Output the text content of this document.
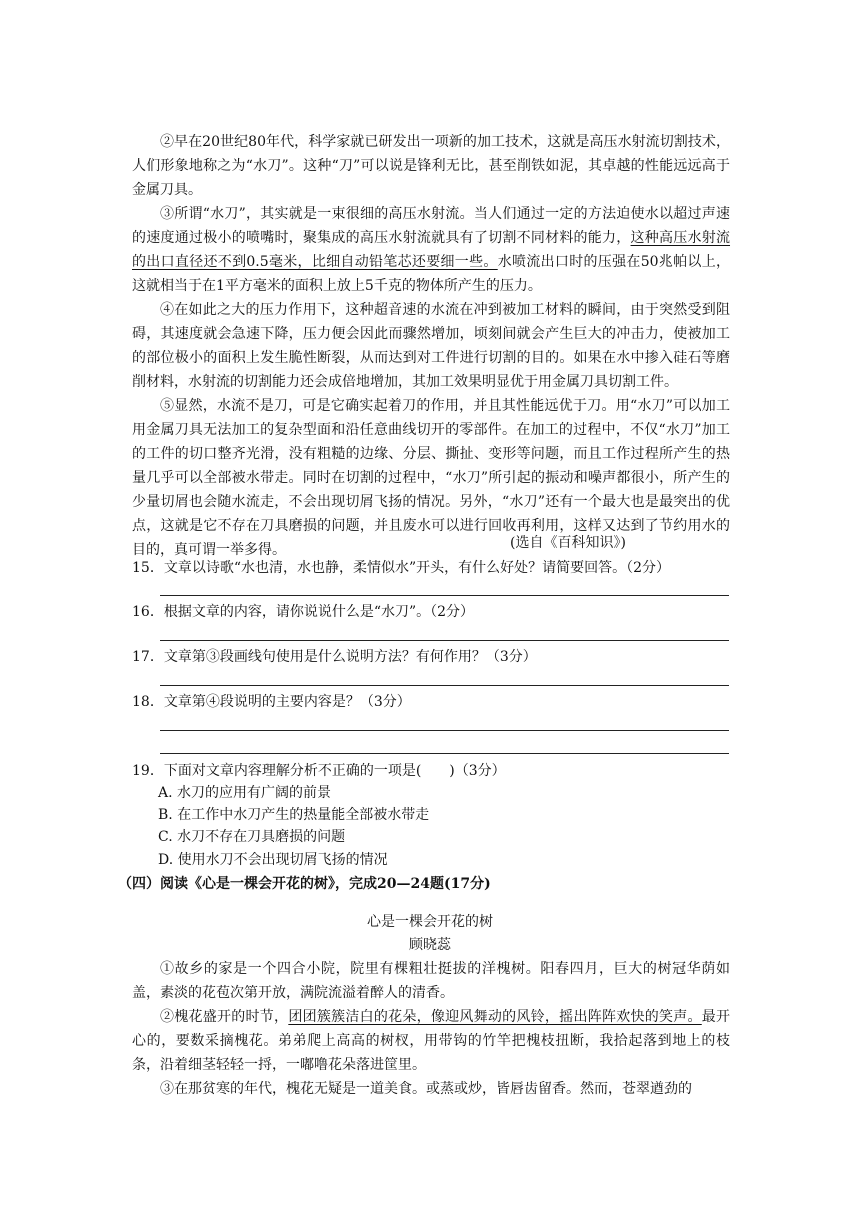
②早在20世纪80年代，科学家就已研发出一项新的加工技术，这就是高压水射流切割技术，人们形象地称之为“水刀”。这种“刀”可以说是锋利无比，甚至削铁如泥，其卓越的性能远远高于金属刀具。

③所谓“水刀”，其实就是一束很细的高压水射流。当人们通过一定的方法迫使水以超过声速的速度通过极小的喷嘴时，聚集成的高压水射流就具有了切割不同材料的能力，这种高压水射流的出口直径还不到0.5毫米，比细自动铅笔芯还要细一些。水喷流出口时的压强在50兆帕以上，这就相当于在1平方毫米的面积上放上5千克的物体所产生的压力。

④在如此之大的压力作用下，这种超音速的水流在冲到被加工材料的瞬间，由于突然受到阻碍，其速度就会急速下降，压力便会因此而骤然增加，顷刻间就会产生巨大的冲击力，使被加工的部位极小的面积上发生脆性断裂，从而达到对工件进行切割的目的。如果在水中掺入硅石等磨削材料，水射流的切割能力还会成倍地增加，其加工效果明显优于用金属刀具切割工件。

⑤显然，水流不是刀，可是它确实起着刀的作用，并且其性能远优于刀。用“水刀”可以加工用金属刀具无法加工的复杂型面和沿任意曲线切开的零部件。在加工的过程中，不仅“水刀”加工的工件的切口整齐光滑，没有粗糙的边缘、分层、撕扯、变形等问题，而且工作过程所产生的热量几乎可以全部被水带走。同时在切割的过程中，“水刀”所引起的振动和噪声都很小，所产生的少量切屑也会随水流走，不会出现切屑飞扬的情况。另外，“水刀”还有一个最大也是最突出的优点，这就是它不存在刀具磨损的问题，并且废水可以进行回收再利用，这样又达到了节约用水的目的，真可谓一举多得。	(选自《百科知识》)

15．文章以诗歌“水也清，水也静，柔情似水”开头，有什么好处？请简要回答。（2分）

16．根据文章的内容，请你说说什么是“水刀”。（2分）

17．文章第③段画线句使用是什么说明方法？有何作用？（3分）

18．文章第④段说明的主要内容是？（3分）

19．下面对文章内容理解分析不正确的一项是(　　)（3分）

A. 水刀的应用有广阔的前景

B. 在工作中水刀产生的热量能全部被水带走

C. 水刀不存在刀具磨损的问题

D. 使用水刀不会出现切屑飞扬的情况

（四）阅读《心是一棵会开花的树》，完成20—24题(17分)

心是一棵会开花的树

顾晓蕊

①故乡的家是一个四合小院，院里有棵粗壮挺拔的洋槐树。阳春四月，巨大的树冠华荫如盖，素淡的花苞次第开放，满院流溢着醉人的清香。

②槐花盛开的时节，团团簇簇洁白的花朵，像迎风舞动的风铃，摇出阵阵欢快的笑声。最开心的，要数采摘槐花。弟弟爬上高高的树杈，用带钩的竹竿把槐枝扭断，我拾起落到地上的枝条，沿着细茎轻轻一捋，一嘟噜花朵落进筐里。

③在那贫寒的年代，槐花无疑是一道美食。或蒸或炒，皆唇齿留香。然而，苍翠遒劲的
